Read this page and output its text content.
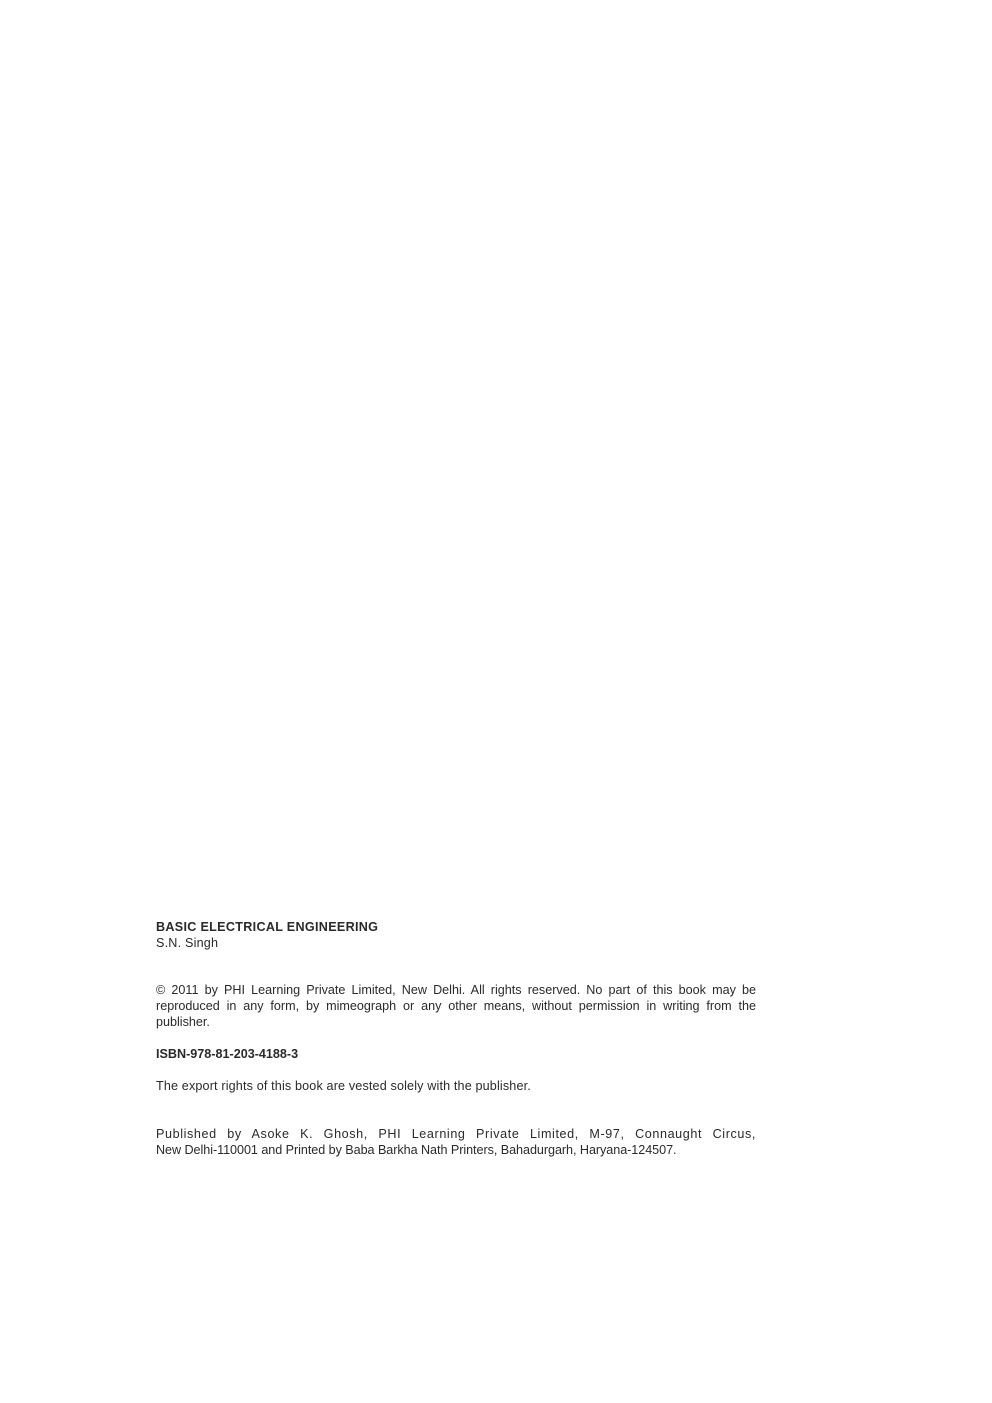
BASIC ELECTRICAL ENGINEERING

S.N. Singh

© 2011 by PHI Learning Private Limited, New Delhi. All rights reserved. No part of this book may be reproduced in any form, by mimeograph or any other means, without permission in writing from the publisher.

ISBN-978-81-203-4188-3

The export rights of this book are vested solely with the publisher.

Published by Asoke K. Ghosh, PHI Learning Private Limited, M-97, Connaught Circus,
New Delhi-110001 and Printed by Baba Barkha Nath Printers, Bahadurgarh, Haryana-124507.
